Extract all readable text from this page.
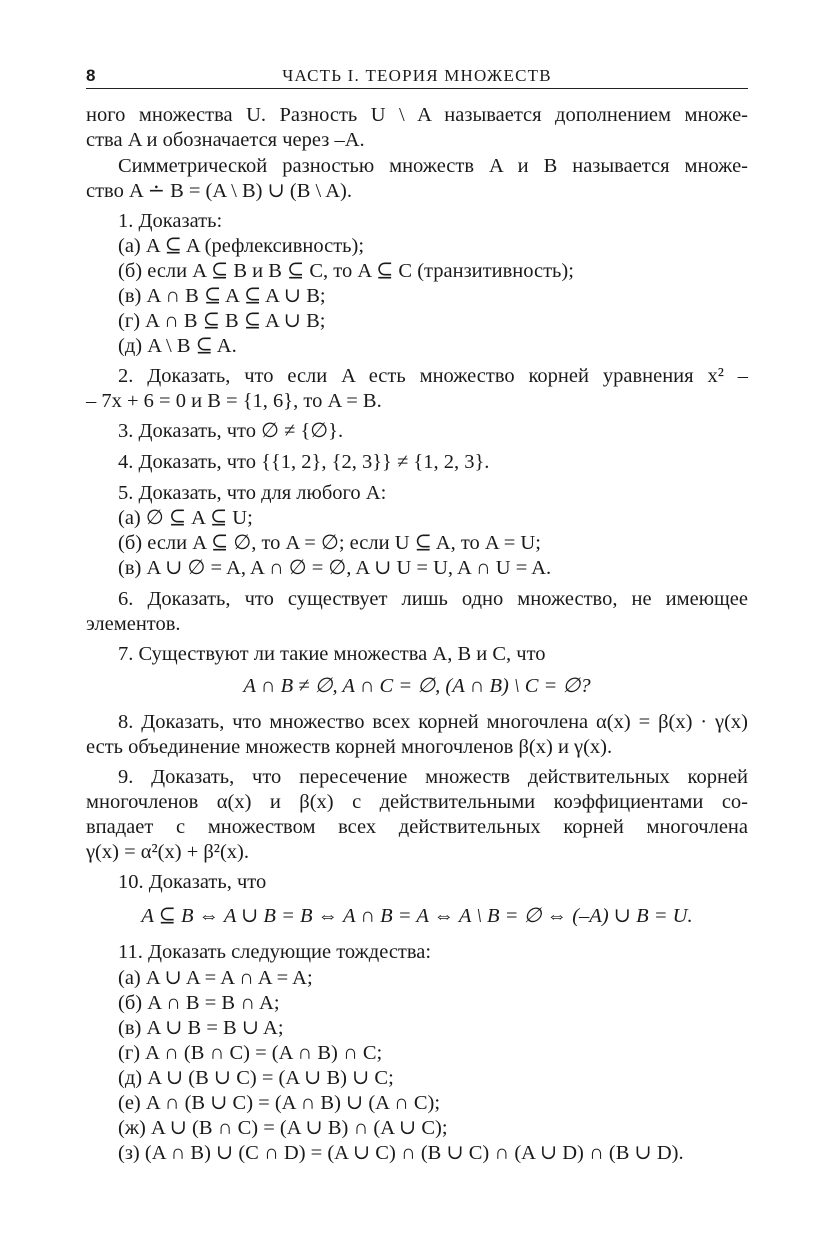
8	ЧАСТЬ I. ТЕОРИЯ МНОЖЕСТВ
ного множества U. Разность U \ A называется дополнением множе-
ства A и обозначается через –A.
Симметрической разностью множеств A и B называется множе-
ство A ∸ B = (A \ B) ∪ (B \ A).
1. Доказать:
(а) A ⊆ A (рефлексивность);
(б) если A ⊆ B и B ⊆ C, то A ⊆ C (транзитивность);
(в) A ∩ B ⊆ A ⊆ A ∪ B;
(г) A ∩ B ⊆ B ⊆ A ∪ B;
(д) A \ B ⊆ A.
2. Доказать, что если A есть множество корней уравнения x² –
– 7x + 6 = 0 и B = {1, 6}, то A = B.
3. Доказать, что ∅ ≠ {∅}.
4. Доказать, что {{1, 2}, {2, 3}} ≠ {1, 2, 3}.
5. Доказать, что для любого A:
(а) ∅ ⊆ A ⊆ U;
(б) если A ⊆ ∅, то A = ∅; если U ⊆ A, то A = U;
(в) A ∪ ∅ = A, A ∩ ∅ = ∅, A ∪ U = U, A ∩ U = A.
6. Доказать, что существует лишь одно множество, не имеющее
элементов.
7. Существуют ли такие множества A, B и C, что
A ∩ B ≠ ∅, A ∩ C = ∅, (A ∩ B) \ C = ∅?
8. Доказать, что множество всех корней многочлена α(x) = β(x) · γ(x)
есть объединение множеств корней многочленов β(x) и γ(x).
9. Доказать, что пересечение множеств действительных корней
многочленов α(x) и β(x) с действительными коэффициентами со-
впадает с множеством всех действительных корней многочлена
γ(x) = α²(x) + β²(x).
10. Доказать, что
A ⊆ B ⇔ A ∪ B = B ⇔ A ∩ B = A ⇔ A \ B = ∅ ⇔ (–A) ∪ B = U.
11. Доказать следующие тождества:
(а) A ∪ A = A ∩ A = A;
(б) A ∩ B = B ∩ A;
(в) A ∪ B = B ∪ A;
(г) A ∩ (B ∩ C) = (A ∩ B) ∩ C;
(д) A ∪ (B ∪ C) = (A ∪ B) ∪ C;
(е) A ∩ (B ∪ C) = (A ∩ B) ∪ (A ∩ C);
(ж) A ∪ (B ∩ C) = (A ∪ B) ∩ (A ∪ C);
(з) (A ∩ B) ∪ (C ∩ D) = (A ∪ C) ∩ (B ∪ C) ∩ (A ∪ D) ∩ (B ∪ D).
